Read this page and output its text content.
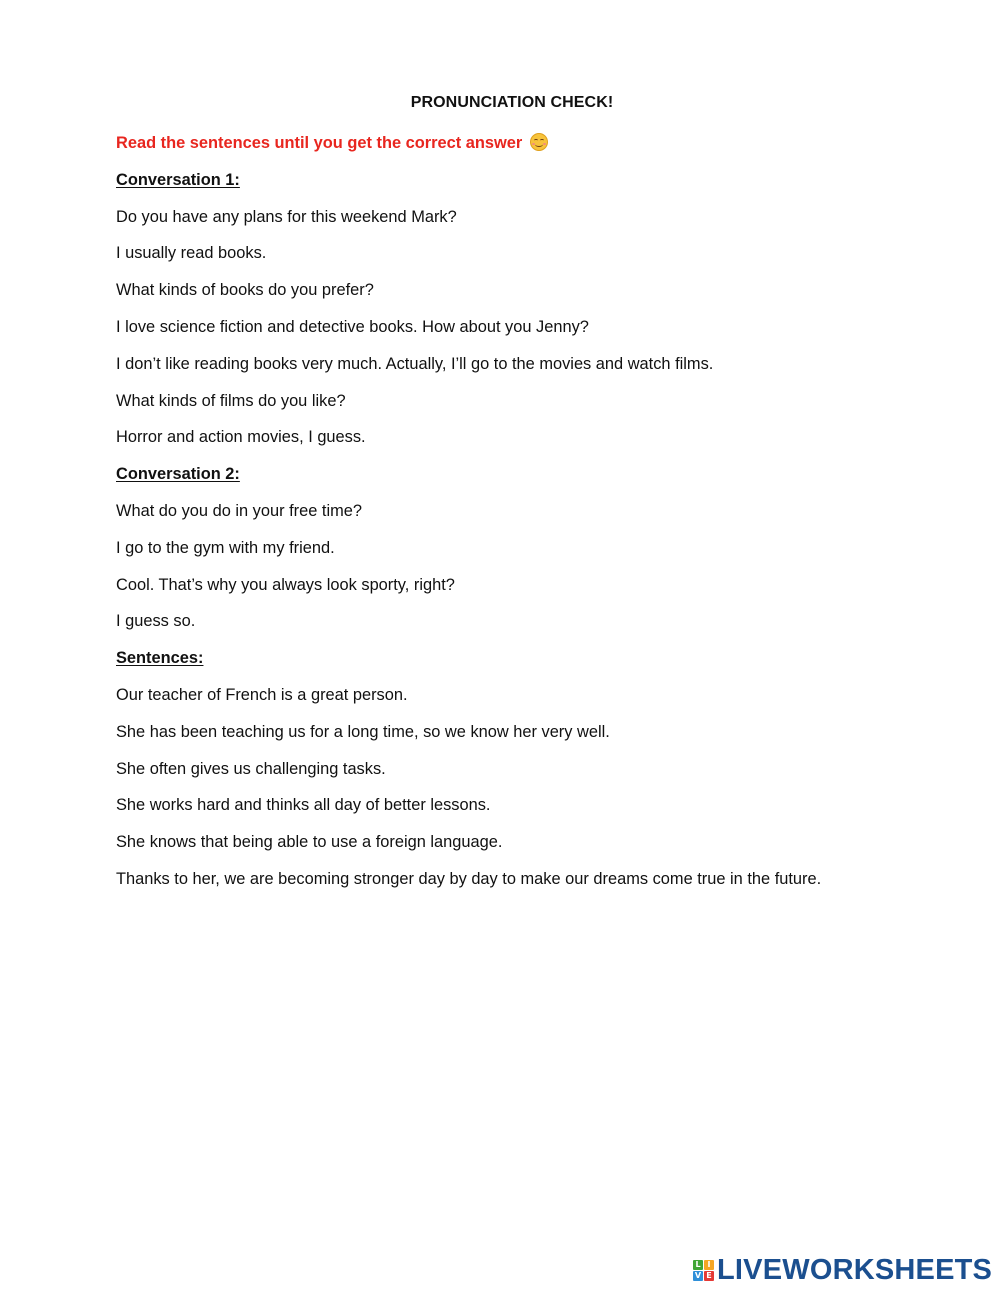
PRONUNCIATION CHECK!
Read the sentences until you get the correct answer
Conversation 1:
Do you have any plans for this weekend Mark?
I usually read books.
What kinds of books do you prefer?
I love science fiction and detective books. How about you Jenny?
I don’t like reading books very much. Actually, I’ll go to the movies and watch films.
What kinds of films do you like?
Horror and action movies, I guess.
Conversation 2:
What do you do in your free time?
I go to the gym with my friend.
Cool. That’s why you always look sporty, right?
I guess so.
Sentences:
Our teacher of French is a great person.
She has been teaching us for a long time, so we know her very well.
She often gives us challenging tasks.
She works hard and thinks all day of better lessons.
She knows that being able to use a foreign language.
Thanks to her, we are becoming stronger day by day to make our dreams come true in the future.
L I
V E LIVEWORKSHEETS
